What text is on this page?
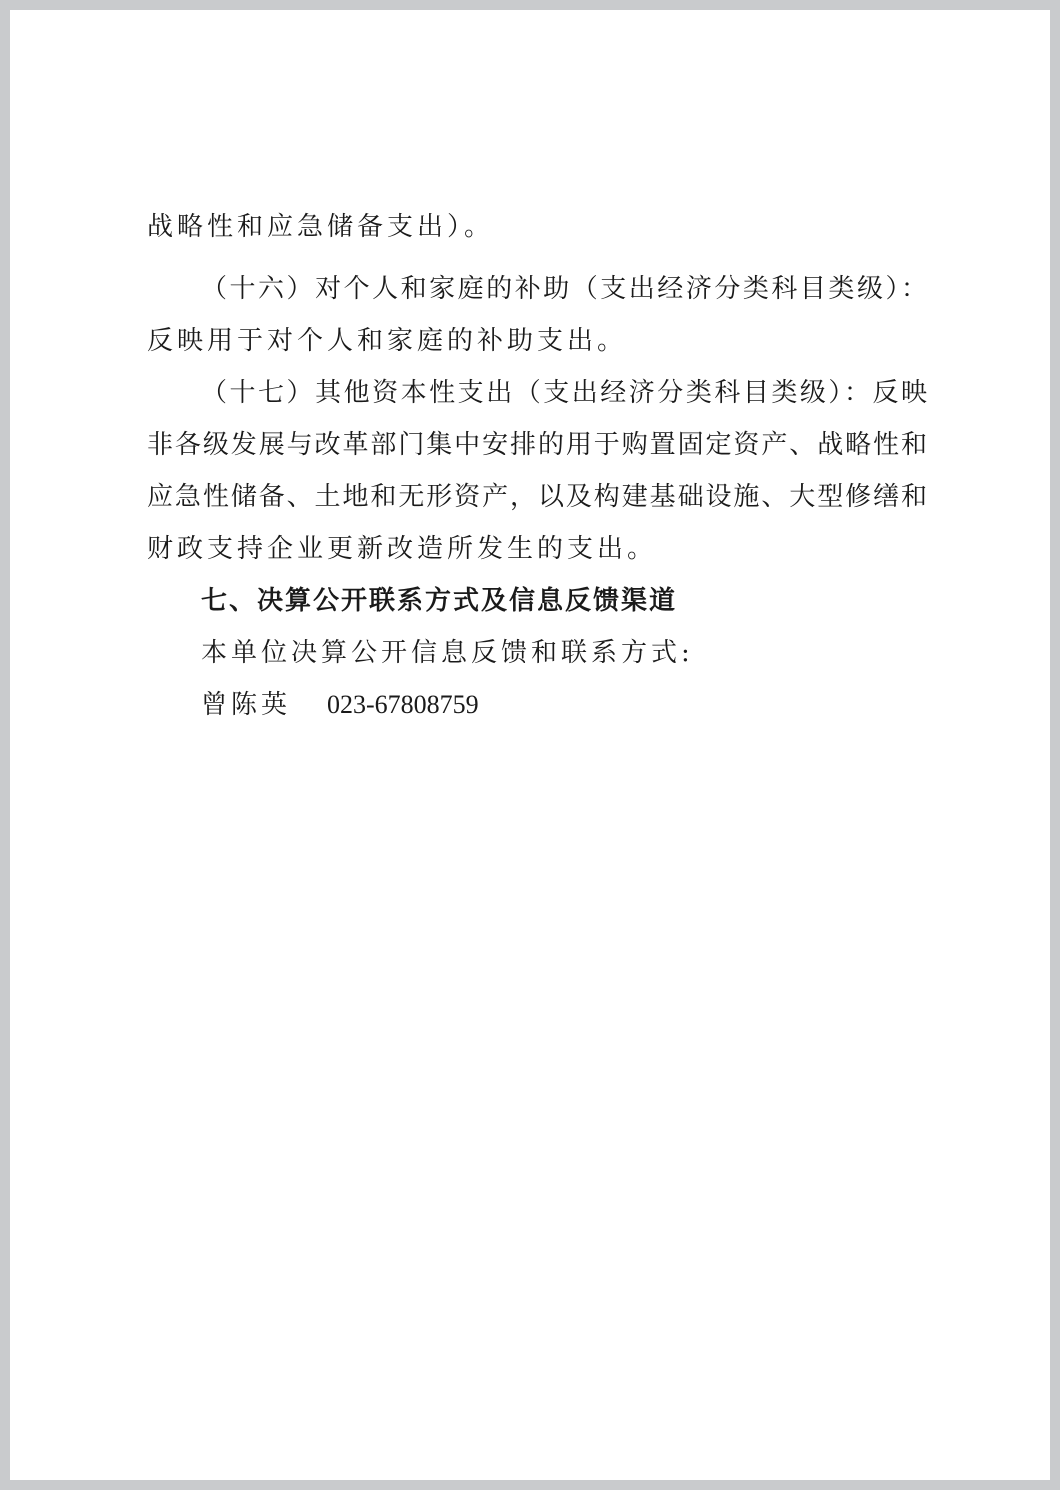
战略性和应急储备支出）。
（十六）对个人和家庭的补助（支出经济分类科目类级）：
反映用于对个人和家庭的补助支出。
（十七）其他资本性支出（支出经济分类科目类级）：反映
非各级发展与改革部门集中安排的用于购置固定资产、战略性和
应急性储备、土地和无形资产，以及构建基础设施、大型修缮和
财政支持企业更新改造所发生的支出。
七、决算公开联系方式及信息反馈渠道
本单位决算公开信息反馈和联系方式:
曾陈英 023-67808759
